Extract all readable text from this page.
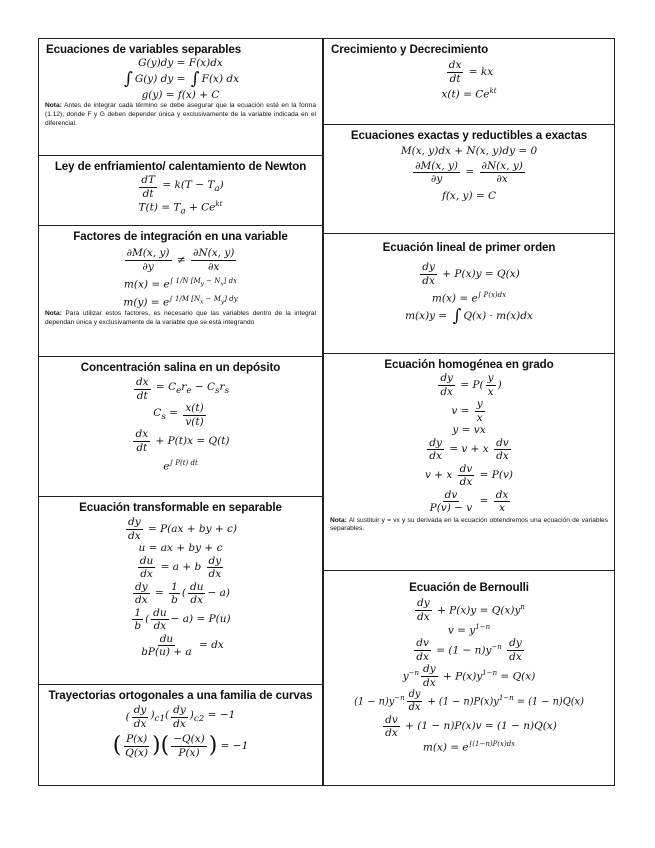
Ecuaciones de variables separables
G(y)dy = F(x)dx
∫ G(y) dy = ∫ F(x) dx
g(y) = f(x) + C
Nota: Antes de integrar cada término se debe asegurar que la ecuación esté en la forma (1.12), donde F y G deben depender única y exclusivamente de la variable indicada en el diferencial.
Ley de enfriamiento/ calentamiento de Newton
$\frac{dT}{dt} = k(T - T_a)$
$T(t) = T_a + Ce^{kt}$
Factores de integración en una variable
$\frac{\partial M(x, y)}{\partial y} \ne \frac{\partial N(x, y)}{\partial x}$
$m(x) = e^{\int 1/N [M_y - N_x] dx}$
$m(y) = e^{\int 1/M [N_x - M_y] dy}$
Nota: Para utilizar estos factores, es necesario que las variables dentro de la integral dependan única y exclusivamente de la variable que se está integrando
Concentración salina en un depósito
$\frac{dx}{dt} = C_er_e - C_sr_s$
$C_s = \frac{x(t)}{v(t)}$
$\frac{dx}{dt} + P(t)x = Q(t)$
$e^{\int P(t) dt}$
Ecuación transformable en separable
$\frac{dy}{dx} = P(ax$ + by + c)
u = ax + by + c
$\frac{du}{dx} = a + b \frac{dy}{dx}$
$\frac{dy}{dx} = \frac{1}{b}$ ( $\frac{du}{dx} - a$)
$\frac{1}{b}$ ( $\frac{du}{dx} - a) = P(u)$
$\frac{du}{bP(u) + a}$ = dx
Trayectorias ortogonales a una familia de curvas
( $\frac{dy}{dx} )_{c1}( \frac{dy}{dx} )_{c2} = -1$
( $\frac{P(x)}{Q(x)}$ )( $\frac{-Q(x)}{P(x)}$ ) = −1
Crecimiento y Decrecimiento
$\frac{dx}{dt}$ = kx
$x(t) = Ce^{kt}$
Ecuaciones exactas y reductibles a exactas
M(x, y)dx + N(x, y)dy = 0
$\frac{\partial M(x, y)}{\partial y} = \frac{\partial N(x, y)}{\partial x}$
f(x, y) = C
Ecuación lineal de primer orden
$\frac{dy}{dx} + P(x)y = Q(x)$
$m(x) = e^{\int P(x)dx}$
m(x)y = ∫ Q(x) · m(x)dx
Ecuación homogénea en grado
$\frac{dy}{dx} = P( \frac{y}{x}$ )
$v = \frac{y}{x}$
y = vx
$\frac{dy}{dx} = v + x \frac{dv}{dx}$
v + x $\frac{dv}{dx} = P(v)$
$\frac{dv}{P(v) - v} = \frac{dx}{x}$
Nota: Al sustituir y = vx y su derivada en la ecuación obtendremos una ecuación de variables separables.
Ecuación de Bernoulli
$\frac{dy}{dx} + P(x)y = Q(x)y^n$
$v = y^{1-n}$
$\frac{dv}{dx} = (1 - n)y^{-n} \frac{dy}{dx}$
$y^{-n} \frac{dy}{dx} + P(x)y^{1-n} = Q(x)$
$(1 - n)y^{-n} \frac{dy}{dx} + (1 - n)P(x)y^{1-n} = (1 - n)Q(x)$
$\frac{dv}{dx} + (1 - n)P(x)v = (1 - n)Q(x)$
$m(x) = e^{\int(1-n)P(x)dx}$
